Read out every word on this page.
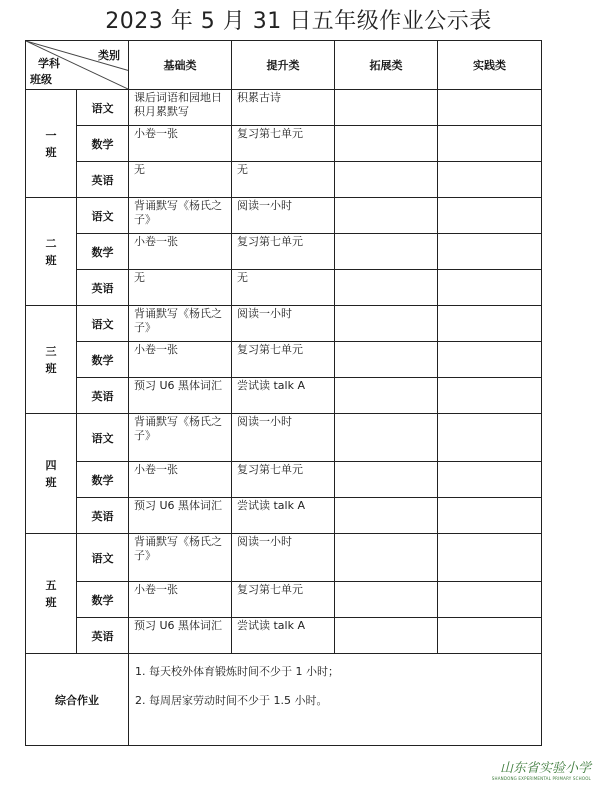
2023 年 5 月 31 日五年级作业公示表
类别
学科
班级		基础类	提升类	拓展类	实践类

一
班	语文	课后词语和园地日积月累默写	积累古诗		
	数学	小卷一张	复习第七单元		
	英语	无	无		

二
班	语文	背诵默写《杨氏之子》	阅读一小时		
	数学	小卷一张	复习第七单元		
	英语	无	无		

三
班	语文	背诵默写《杨氏之子》	阅读一小时		
	数学	小卷一张	复习第七单元		
	英语	预习 U6 黑体词汇	尝试读 talk A		

四
班	语文	背诵默写《杨氏之子》	阅读一小时		
	数学	小卷一张	复习第七单元		
	英语	预习 U6 黑体词汇	尝试读 talk A		

五
班	语文	背诵默写《杨氏之子》	阅读一小时		
	数学	小卷一张	复习第七单元		
	英语	预习 U6 黑体词汇	尝试读 talk A		
综合作业		1. 每天校外体育锻炼时间不少于 1 小时；

2. 每周居家劳动时间不少于 1.5 小时。			

山东省实验小学
SHANDONG EXPERIMENTAL PRIMARY SCHOOL
